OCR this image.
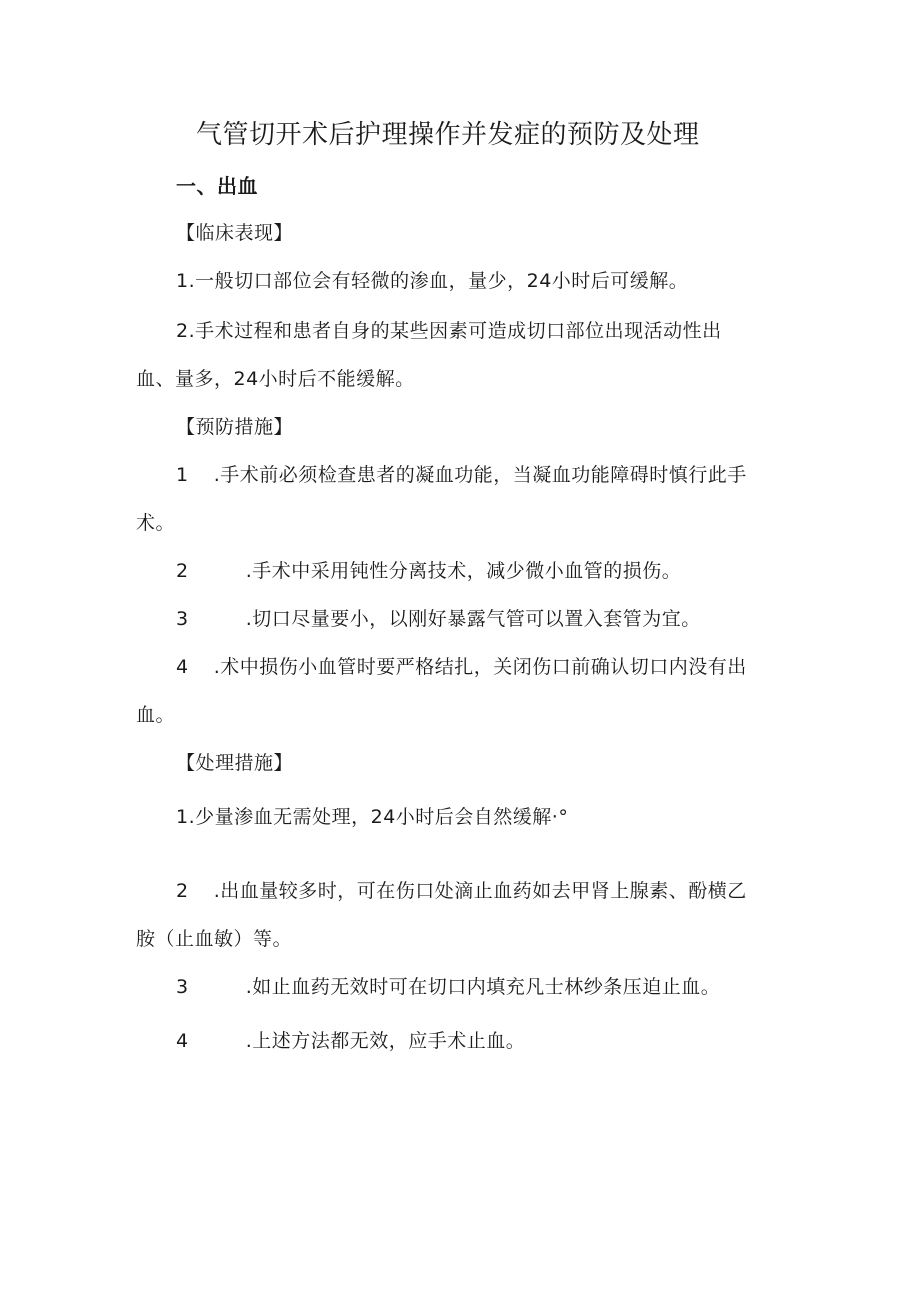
气管切开术后护理操作并发症的预防及处理
一、出血
【临床表现】
1.一般切口部位会有轻微的渗血，量少，24小时后可缓解。
2.手术过程和患者自身的某些因素可造成切口部位出现活动性出
血、量多，24小时后不能缓解。
【预防措施】
1 .手术前必须检查患者的凝血功能，当凝血功能障碍时慎行此手
术。
2	.手术中采用钝性分离技术，减少微小血管的损伤。
3	.切口尽量要小，以刚好暴露气管可以置入套管为宜。
4 .术中损伤小血管时要严格结扎，关闭伤口前确认切口内没有出
血。
【处理措施】
1.少量渗血无需处理，24小时后会自然缓解·°
2 .出血量较多时，可在伤口处滴止血药如去甲肾上腺素、酚横乙
胺（止血敏）等。
3	.如止血药无效时可在切口内填充凡士林纱条压迫止血。
4	.上述方法都无效，应手术止血。
